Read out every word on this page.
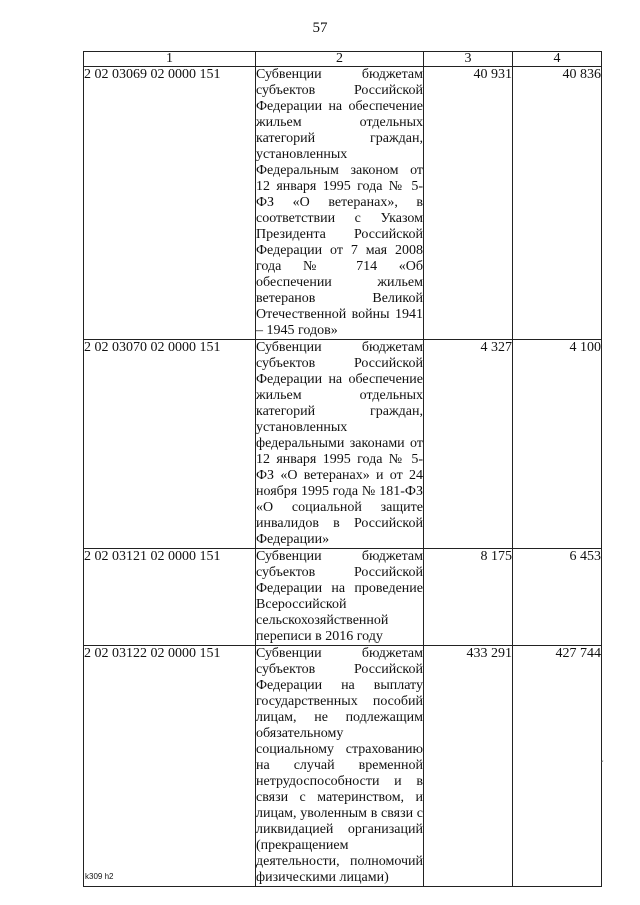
57
1	2	3	4
2 02 03069 02 0000 151	Субвенции бюджетам субъектов Российской Федерации на обеспечение жильем отдельных категорий граждан, установленных Федеральным законом от 12 января 1995 года № 5-ФЗ «О ветеранах», в соответствии с Указом Президента Российской Федерации от 7 мая 2008 года № 714 «Об обеспечении жильем ветеранов Великой Отечественной войны 1941 – 1945 годов»	40 931	40 836
2 02 03070 02 0000 151	Субвенции бюджетам субъектов Российской Федерации на обеспечение жильем отдельных категорий граждан, установленных федеральными законами от 12 января 1995 года № 5-ФЗ «О ветеранах» и от 24 ноября 1995 года № 181-ФЗ «О социальной защите инвалидов в Российской Федерации»	4 327	4 100
2 02 03121 02 0000 151	Субвенции бюджетам субъектов Российской Федерации на проведение Всероссийской сельскохозяйственной переписи в 2016 году	8 175	6 453
2 02 03122 02 0000 151	Субвенции бюджетам субъектов Российской Федерации на выплату государственных пособий лицам, не подлежащим обязательному социальному страхованию на случай временной нетрудоспособности и в связи с материнством, и лицам, уволенным в связи с ликвидацией организаций (прекращением деятельности, полномочий физическими лицами)	433 291	427 744
ˊ
k309 h2
